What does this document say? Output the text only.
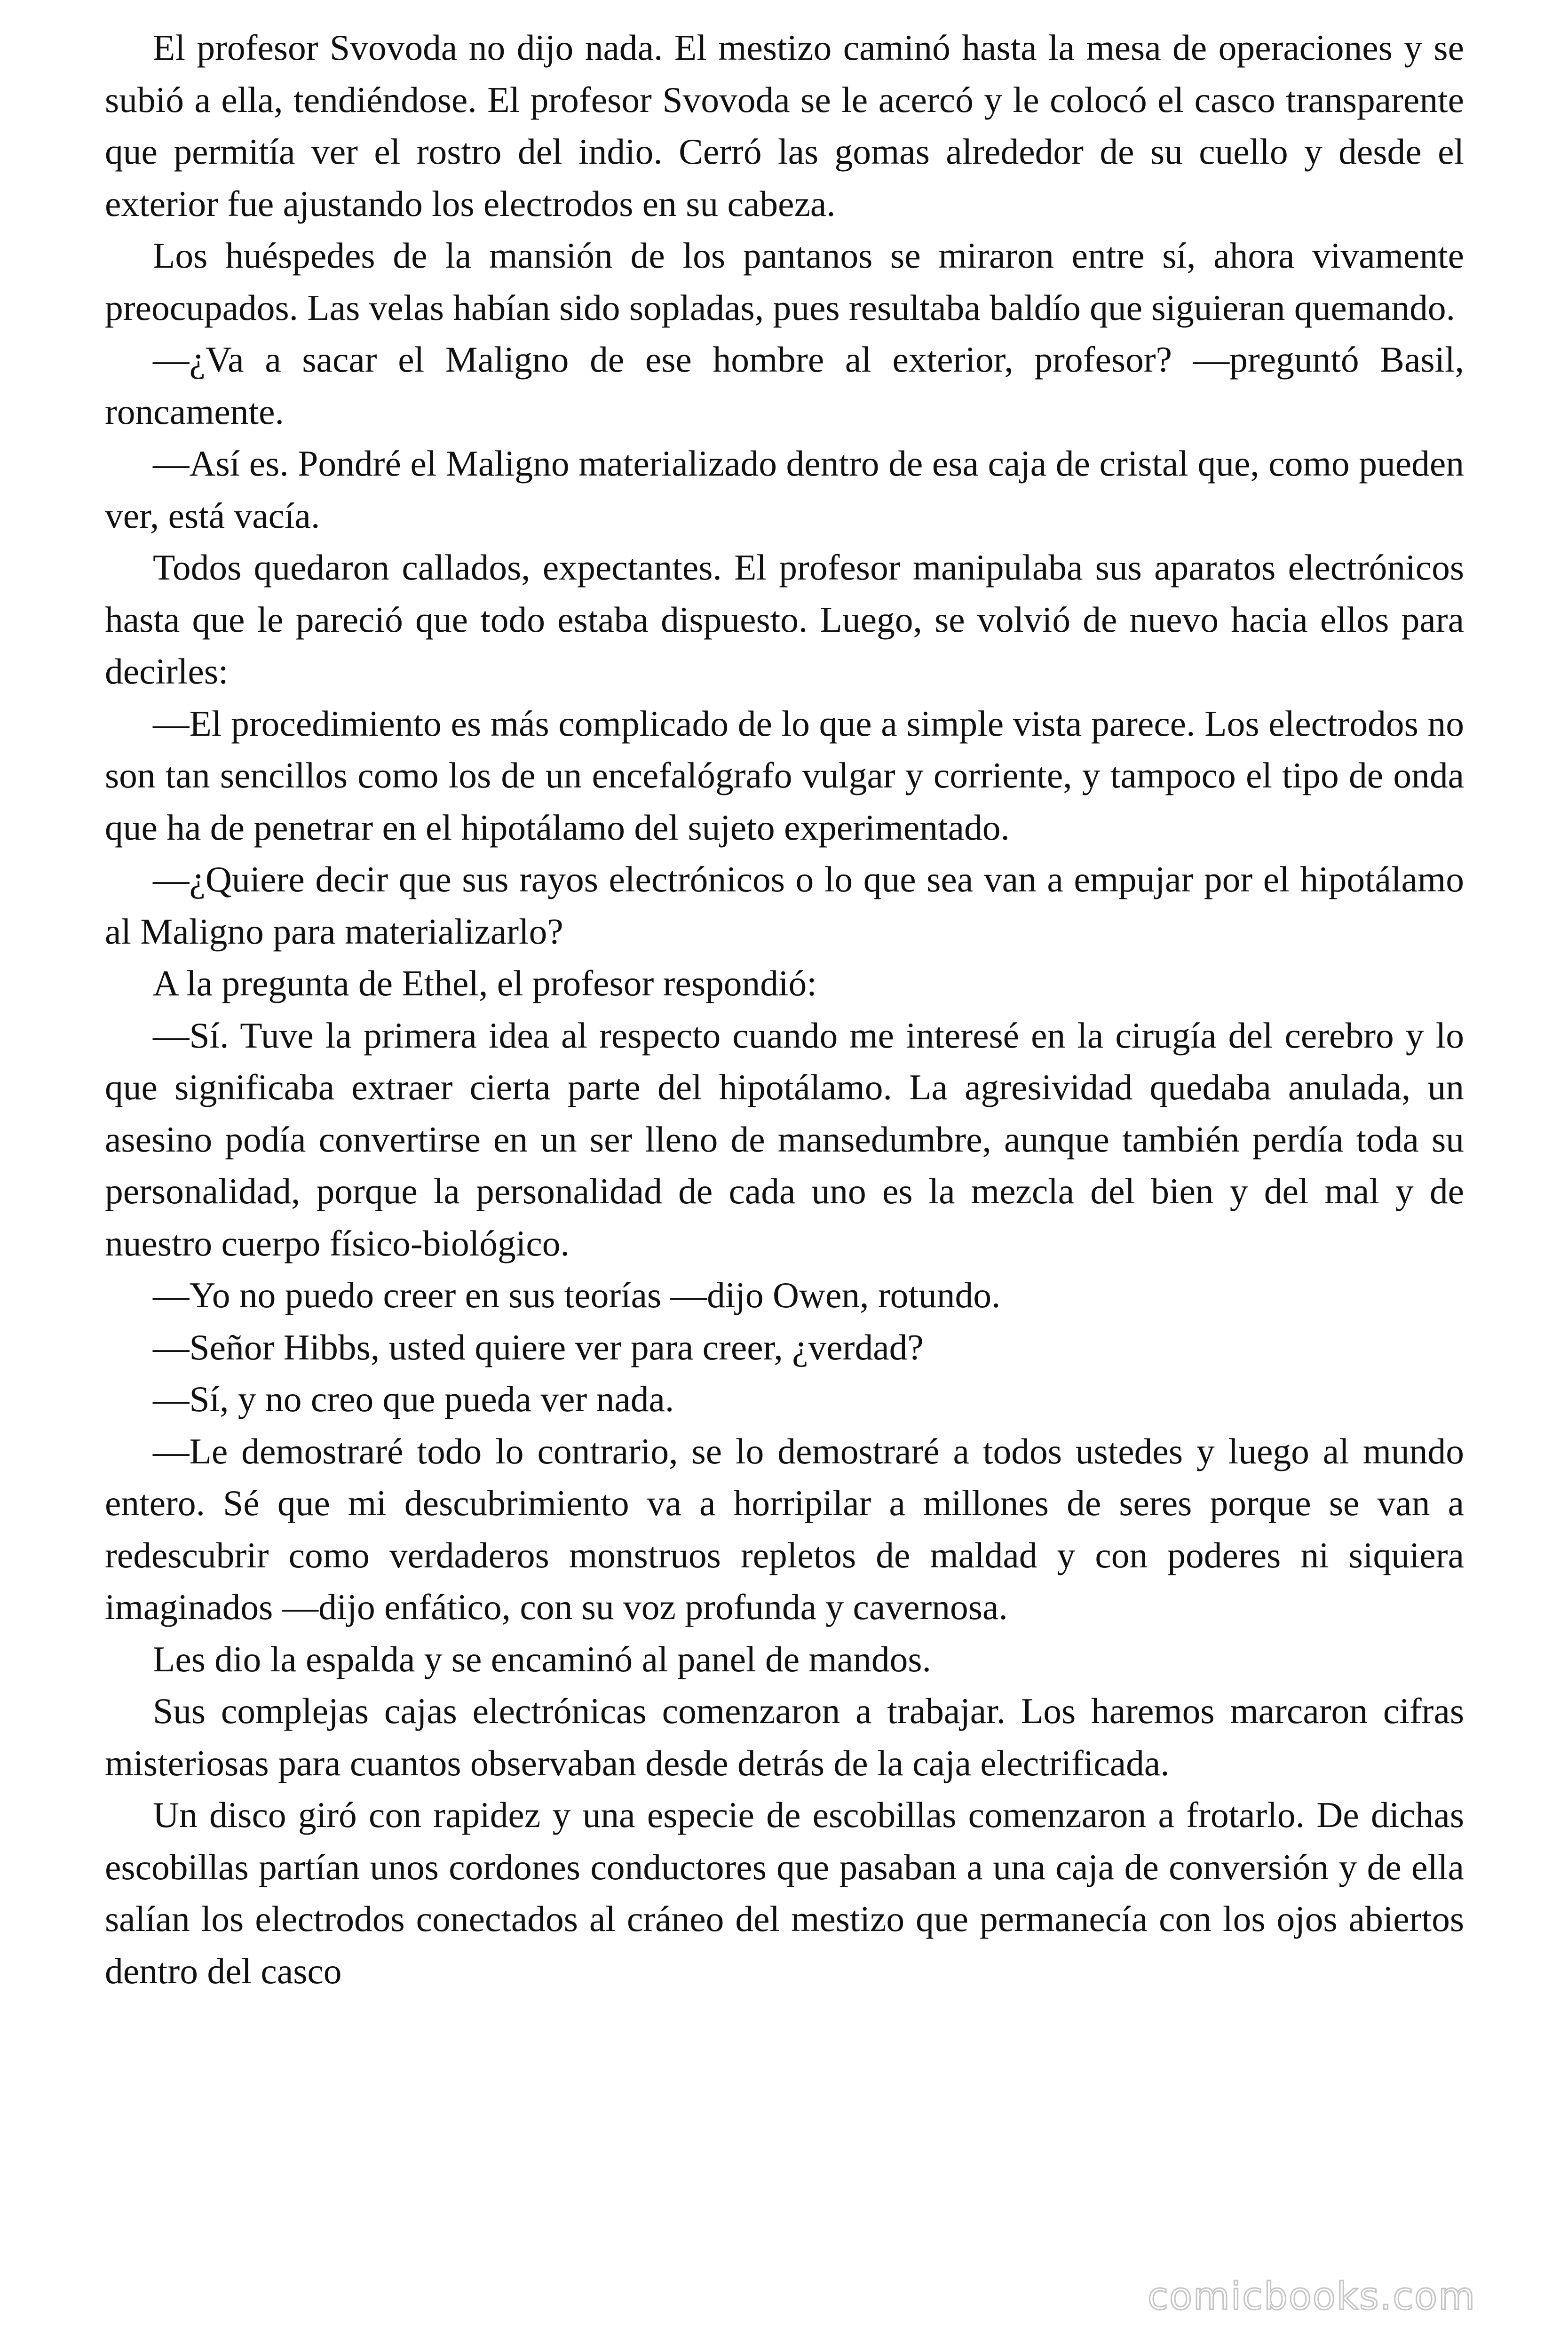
El profesor Svovoda no dijo nada. El mestizo caminó hasta la mesa de operaciones y se subió a ella, tendiéndose. El profesor Svovoda se le acercó y le colocó el casco transparente que permitía ver el rostro del indio. Cerró las gomas alrededor de su cuello y desde el exterior fue ajustando los electrodos en su cabeza.

Los huéspedes de la mansión de los pantanos se miraron entre sí, ahora vivamente preocupados. Las velas habían sido sopladas, pues resultaba baldío que siguieran quemando.

—¿Va a sacar el Maligno de ese hombre al exterior, profesor? —preguntó Basil, roncamente.

—Así es. Pondré el Maligno materializado dentro de esa caja de cristal que, como pueden ver, está vacía.

Todos quedaron callados, expectantes. El profesor manipulaba sus aparatos electrónicos hasta que le pareció que todo estaba dispuesto. Luego, se volvió de nuevo hacia ellos para decirles:

—El procedimiento es más complicado de lo que a simple vista parece. Los electrodos no son tan sencillos como los de un encefalógrafo vulgar y corriente, y tampoco el tipo de onda que ha de penetrar en el hipotálamo del sujeto experimentado.

—¿Quiere decir que sus rayos electrónicos o lo que sea van a empujar por el hipotálamo al Maligno para materializarlo?

A la pregunta de Ethel, el profesor respondió:

—Sí. Tuve la primera idea al respecto cuando me interesé en la cirugía del cerebro y lo que significaba extraer cierta parte del hipotálamo. La agresividad quedaba anulada, un asesino podía convertirse en un ser lleno de mansedumbre, aunque también perdía toda su personalidad, porque la personalidad de cada uno es la mezcla del bien y del mal y de nuestro cuerpo físico-biológico.

—Yo no puedo creer en sus teorías —dijo Owen, rotundo.

—Señor Hibbs, usted quiere ver para creer, ¿verdad?

—Sí, y no creo que pueda ver nada.

—Le demostraré todo lo contrario, se lo demostraré a todos ustedes y luego al mundo entero. Sé que mi descubrimiento va a horripilar a millones de seres porque se van a redescubrir como verdaderos monstruos repletos de maldad y con poderes ni siquiera imaginados —dijo enfático, con su voz profunda y cavernosa.

Les dio la espalda y se encaminó al panel de mandos.

Sus complejas cajas electrónicas comenzaron a trabajar. Los haremos marcaron cifras misteriosas para cuantos observaban desde detrás de la caja electrificada.

Un disco giró con rapidez y una especie de escobillas comenzaron a frotarlo. De dichas escobillas partían unos cordones conductores que pasaban a una caja de conversión y de ella salían los electrodos conectados al cráneo del mestizo que permanecía con los ojos abiertos dentro del casco

comicbooks.com
